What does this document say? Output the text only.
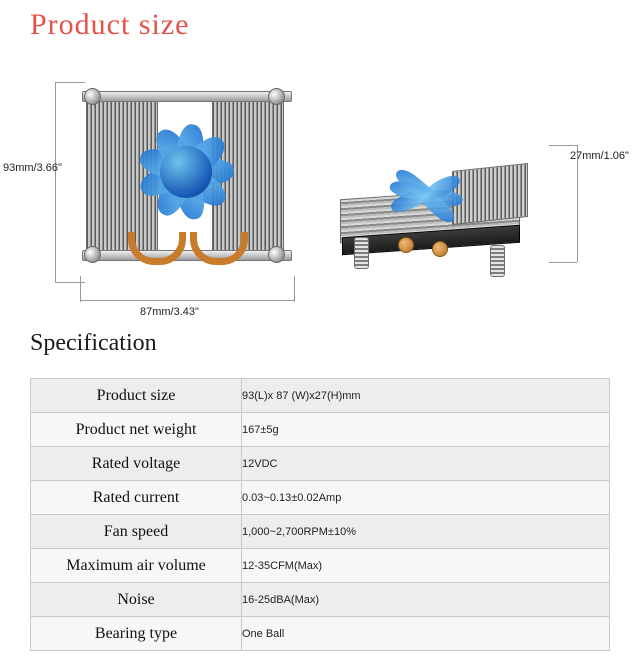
Product size
93mm/3.66"
87mm/3.43"
27mm/1.06"
Specification
Product size	93(L)x 87 (W)x27(H)mm
Product net weight	167±5g
Rated voltage	12VDC
Rated current	0.03~0.13±0.02Amp
Fan speed	1,000~2,700RPM±10%
Maximum air volume	12-35CFM(Max)
Noise	16-25dBA(Max)
Bearing type	One Ball
